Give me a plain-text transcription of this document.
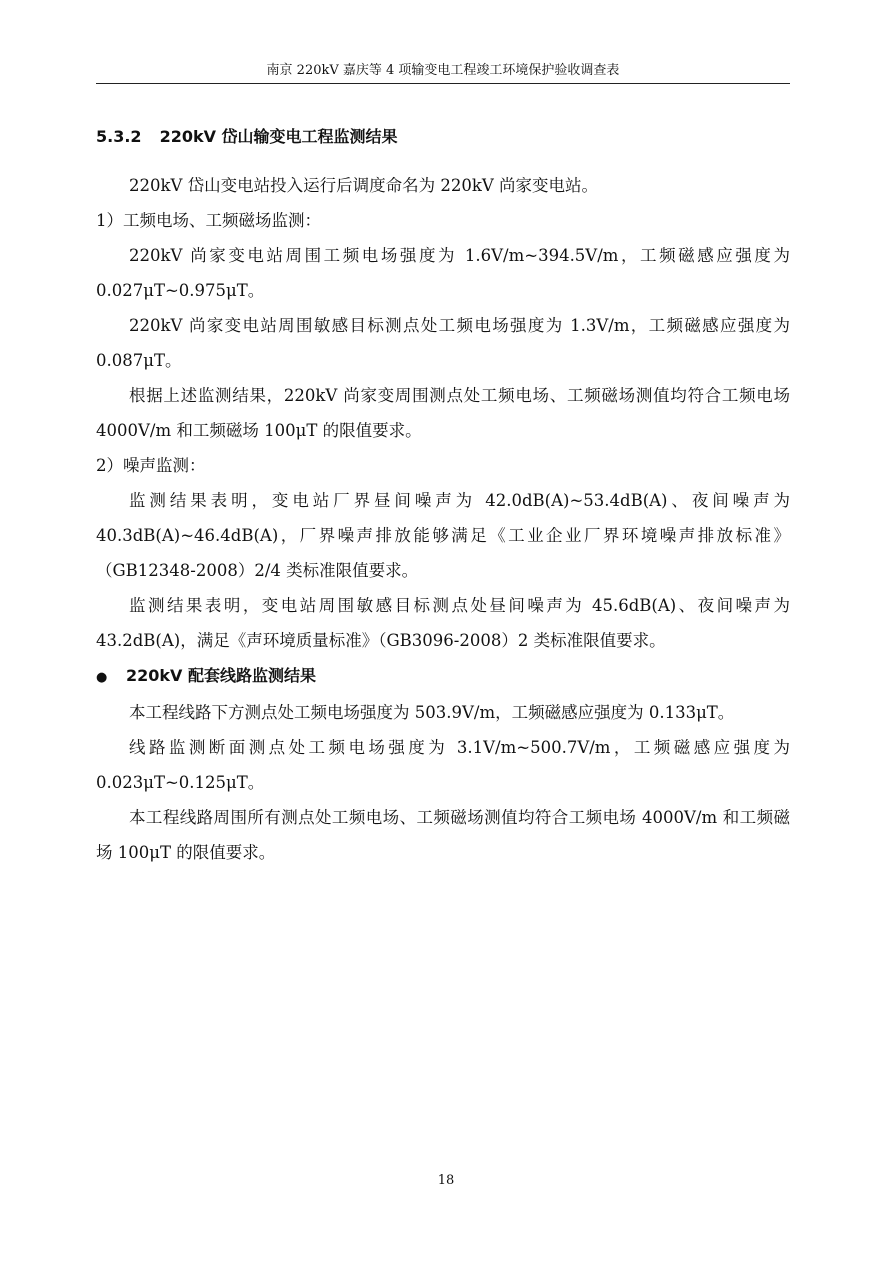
南京 220kV 嘉庆等 4 项输变电工程竣工环境保护验收调查表
5.3.2 220kV 岱山输变电工程监测结果

220kV 岱山变电站投入运行后调度命名为 220kV 尚家变电站。

1）工频电场、工频磁场监测：

220kV 尚家变电站周围工频电场强度为 1.6V/m~394.5V/m，工频磁感应强度为 0.027μT~0.975μT。

220kV 尚家变电站周围敏感目标测点处工频电场强度为 1.3V/m，工频磁感应强度为 0.087μT。

根据上述监测结果，220kV 尚家变周围测点处工频电场、工频磁场测值均符合工频电场 4000V/m 和工频磁场 100μT 的限值要求。

2）噪声监测：

监测结果表明，变电站厂界昼间噪声为 42.0dB(A)~53.4dB(A)、夜间噪声为 40.3dB(A)~46.4dB(A)，厂界噪声排放能够满足《工业企业厂界环境噪声排放标准》（GB12348-2008）2/4 类标准限值要求。

监测结果表明，变电站周围敏感目标测点处昼间噪声为 45.6dB(A)、夜间噪声为 43.2dB(A)，满足《声环境质量标准》（GB3096-2008）2 类标准限值要求。

● 220kV 配套线路监测结果

本工程线路下方测点处工频电场强度为 503.9V/m，工频磁感应强度为 0.133μT。

线路监测断面测点处工频电场强度为 3.1V/m~500.7V/m，工频磁感应强度为 0.023μT~0.125μT。

本工程线路周围所有测点处工频电场、工频磁场测值均符合工频电场 4000V/m 和工频磁场 100μT 的限值要求。

18
